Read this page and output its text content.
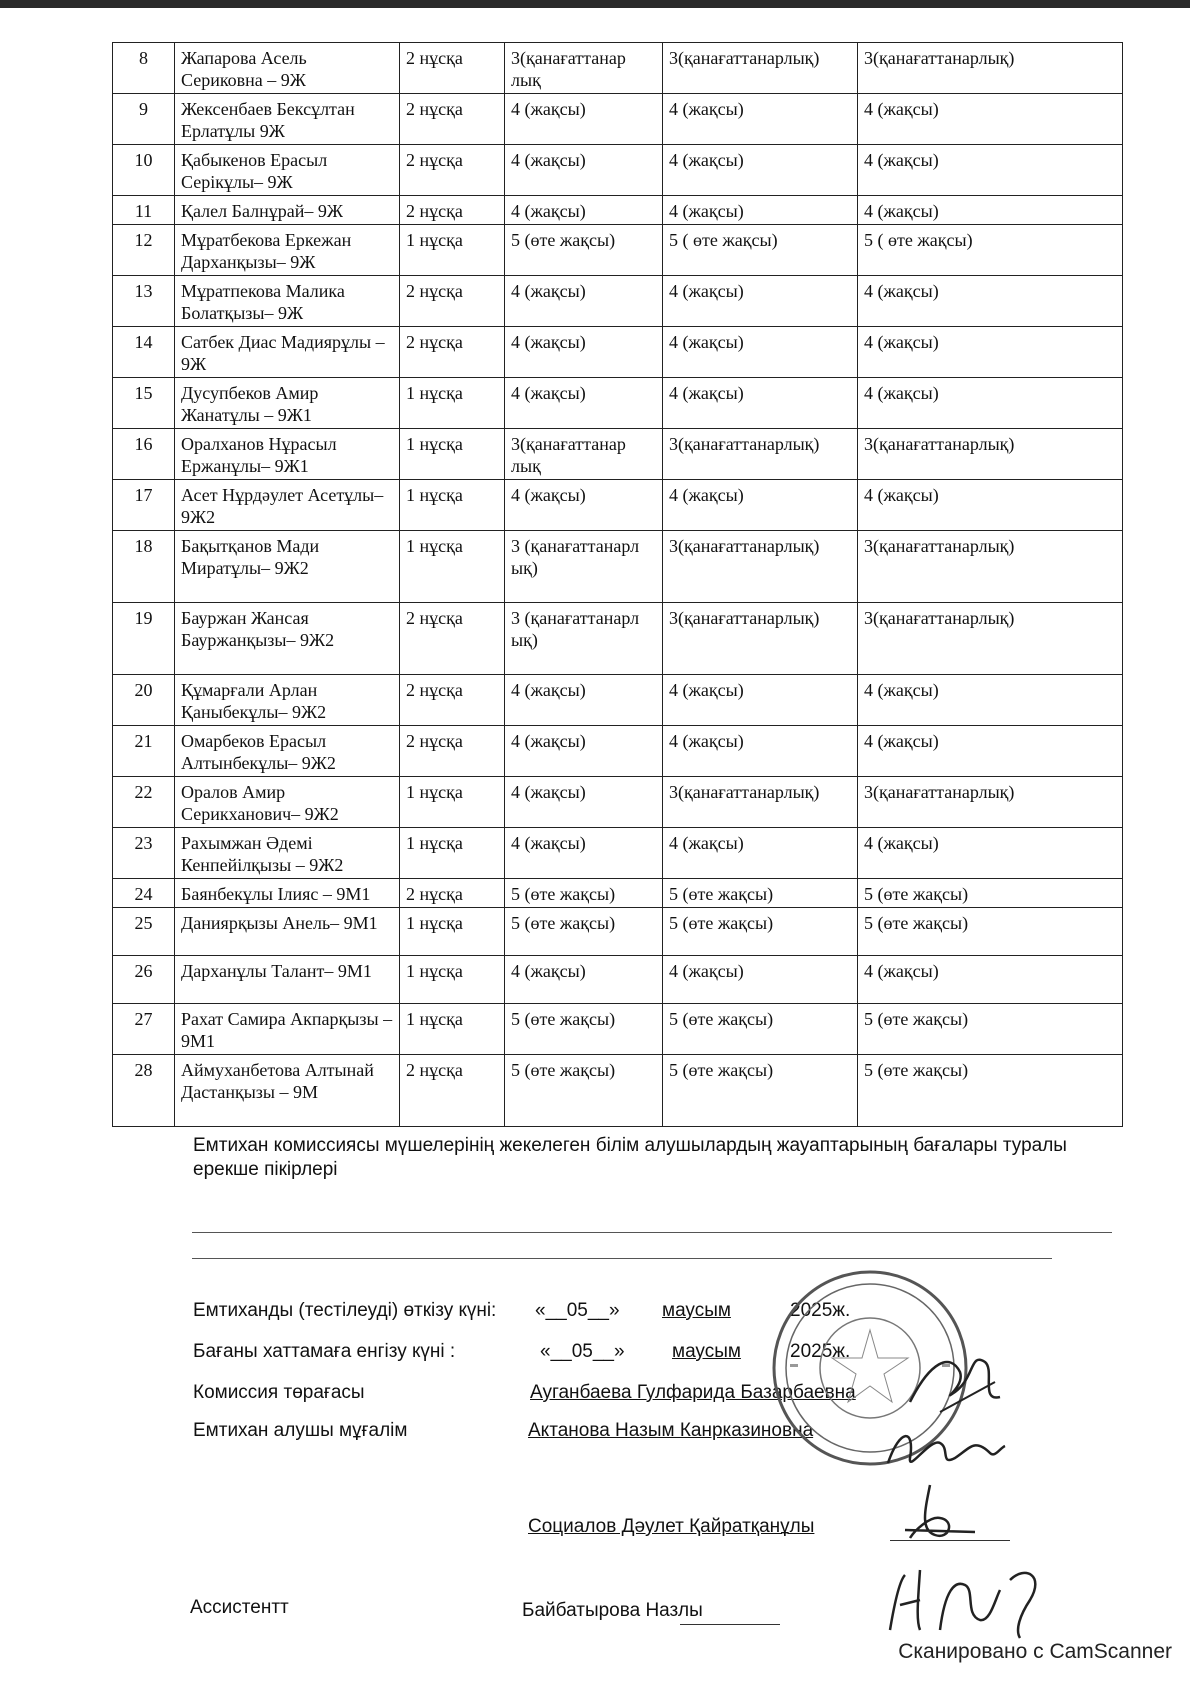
8	Жапарова Асель Сериковна – 9Ж	2 нұсқа	3(қанағаттанар лық	3(қанағаттанарлық)	3(қанағаттанарлық)
9	Жексенбаев Бексұлтан Ерлатұлы 9Ж	2 нұсқа	4 (жақсы)	4 (жақсы)	4 (жақсы)
10	Қабыкенов Ерасыл Серікұлы– 9Ж	2 нұсқа	4 (жақсы)	4 (жақсы)	4 (жақсы)
11	Қалел Балнұрай– 9Ж	2 нұсқа	4 (жақсы)	4 (жақсы)	4 (жақсы)
12	Мұратбекова Еркежан Дарханқызы– 9Ж	1 нұсқа	5 (өте жақсы)	5 ( өте жақсы)	5 ( өте жақсы)
13	Мұратпекова Малика Болатқызы– 9Ж	2 нұсқа	4 (жақсы)	4 (жақсы)	4 (жақсы)
14	Сатбек Диас Мадиярұлы – 9Ж	2 нұсқа	4 (жақсы)	4 (жақсы)	4 (жақсы)
15	Дусупбеков Амир Жанатұлы – 9Ж1	1 нұсқа	4 (жақсы)	4 (жақсы)	4 (жақсы)
16	Оралханов Нұрасыл Ержанұлы– 9Ж1	1 нұсқа	3(қанағаттанар лық	3(қанағаттанарлық)	3(қанағаттанарлық)
17	Асет Нұрдәулет Асетұлы– 9Ж2	1 нұсқа	4 (жақсы)	4 (жақсы)	4 (жақсы)
18	Бақытқанов Мади Миратұлы– 9Ж2	1 нұсқа	3 (қанағаттанарл ық)	3(қанағаттанарлық)	3(қанағаттанарлық)
19	Бауржан Жансая Бауржанқызы– 9Ж2	2 нұсқа	3 (қанағаттанарл ық)	3(қанағаттанарлық)	3(қанағаттанарлық)
20	Құмарғали Арлан Қаныбекұлы– 9Ж2	2 нұсқа	4 (жақсы)	4 (жақсы)	4 (жақсы)
21	Омарбеков Ерасыл Алтынбекұлы– 9Ж2	2 нұсқа	4 (жақсы)	4 (жақсы)	4 (жақсы)
22	Оралов Амир Серикханович– 9Ж2	1 нұсқа	4 (жақсы)	3(қанағаттанарлық)	3(қанағаттанарлық)
23	Рахымжан Әдемі Кенпейілқызы – 9Ж2	1 нұсқа	4 (жақсы)	4 (жақсы)	4 (жақсы)
24	Баянбекұлы Ілияс – 9М1	2 нұсқа	5 (өте жақсы)	5 (өте жақсы)	5 (өте жақсы)
25	Даниярқызы Анель– 9М1	1 нұсқа	5 (өте жақсы)	5 (өте жақсы)	5 (өте жақсы)
26	Дарханұлы Талант– 9М1	1 нұсқа	4 (жақсы)	4 (жақсы)	4 (жақсы)
27	Рахат Самира Акпарқызы – 9М1	1 нұсқа	5 (өте жақсы)	5 (өте жақсы)	5 (өте жақсы)
28	Аймуханбетова Алтынай Дастанқызы – 9М	2 нұсқа	5 (өте жақсы)	5 (өте жақсы)	5 (өте жақсы)
Емтихан комиссиясы мүшелерінің жекелеген білім алушылардың жауаптарының бағалары туралы ерекше пікірлері
Емтиханды (тестілеуді) өткізу күні: «__05__» маусым	2025ж.
Бағаны хаттамаға енгізу күні :	«__05__» маусым	2025ж.
Комиссия төрағасы	Ауганбаева Гулфарида Базарбаевна
Емтихан алушы мұғалім	Актанова Назым Канрказиновна
Социалов Дәулет Қайратқанұлы
Ассистентт	Байбатырова Назлы
Сканировано с CamScanner
